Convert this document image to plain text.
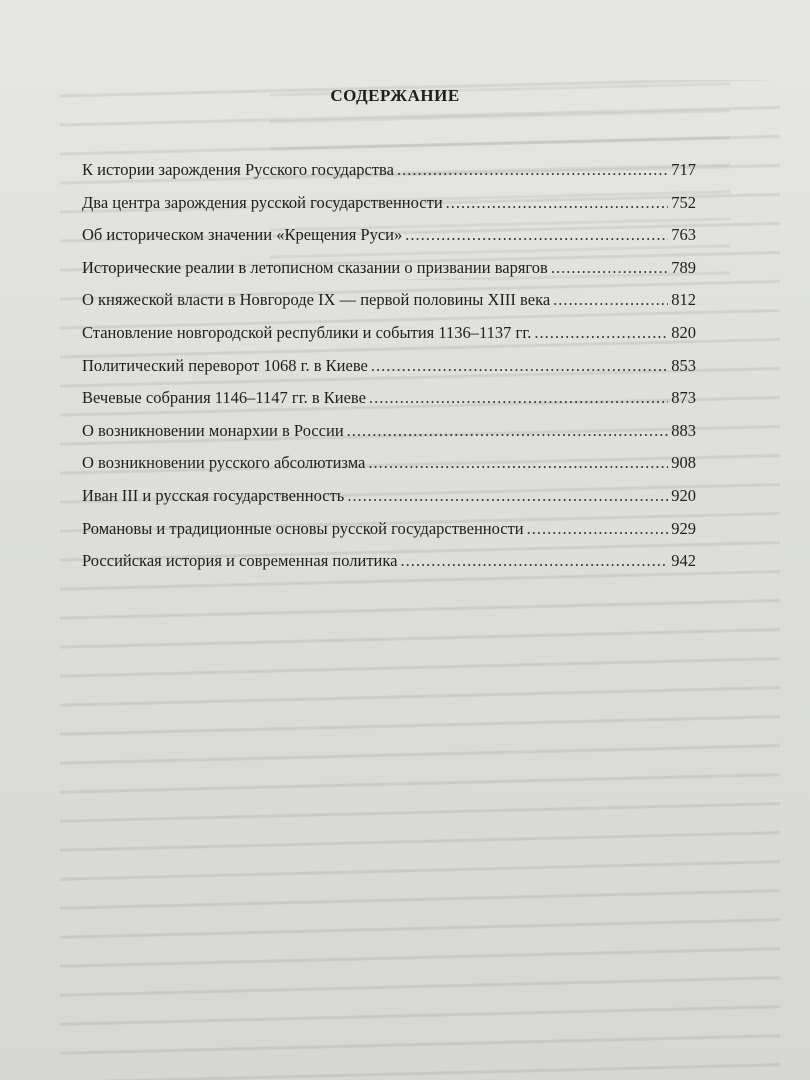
СОДЕРЖАНИЕ
К истории зарождения Русского государства .....	717
Два центра зарождения русской государственности .....	752
Об историческом значении «Крещения Руси» .....	763
Исторические реалии в летописном сказании о призвании варягов .....	789
О княжеской власти в Новгороде IX — первой половины XIII века .....	812
Становление новгородской республики и события 1136–1137 гг. .....	820
Политический переворот 1068 г. в Киеве .....	853
Вечевые собрания 1146–1147 гг. в Киеве .....	873
О возникновении монархии в России .....	883
О возникновении русского абсолютизма .....	908
Иван III и русская государственность .....	920
Романовы и традиционные основы русской государственности .....	929
Российская история и современная политика .....	942
